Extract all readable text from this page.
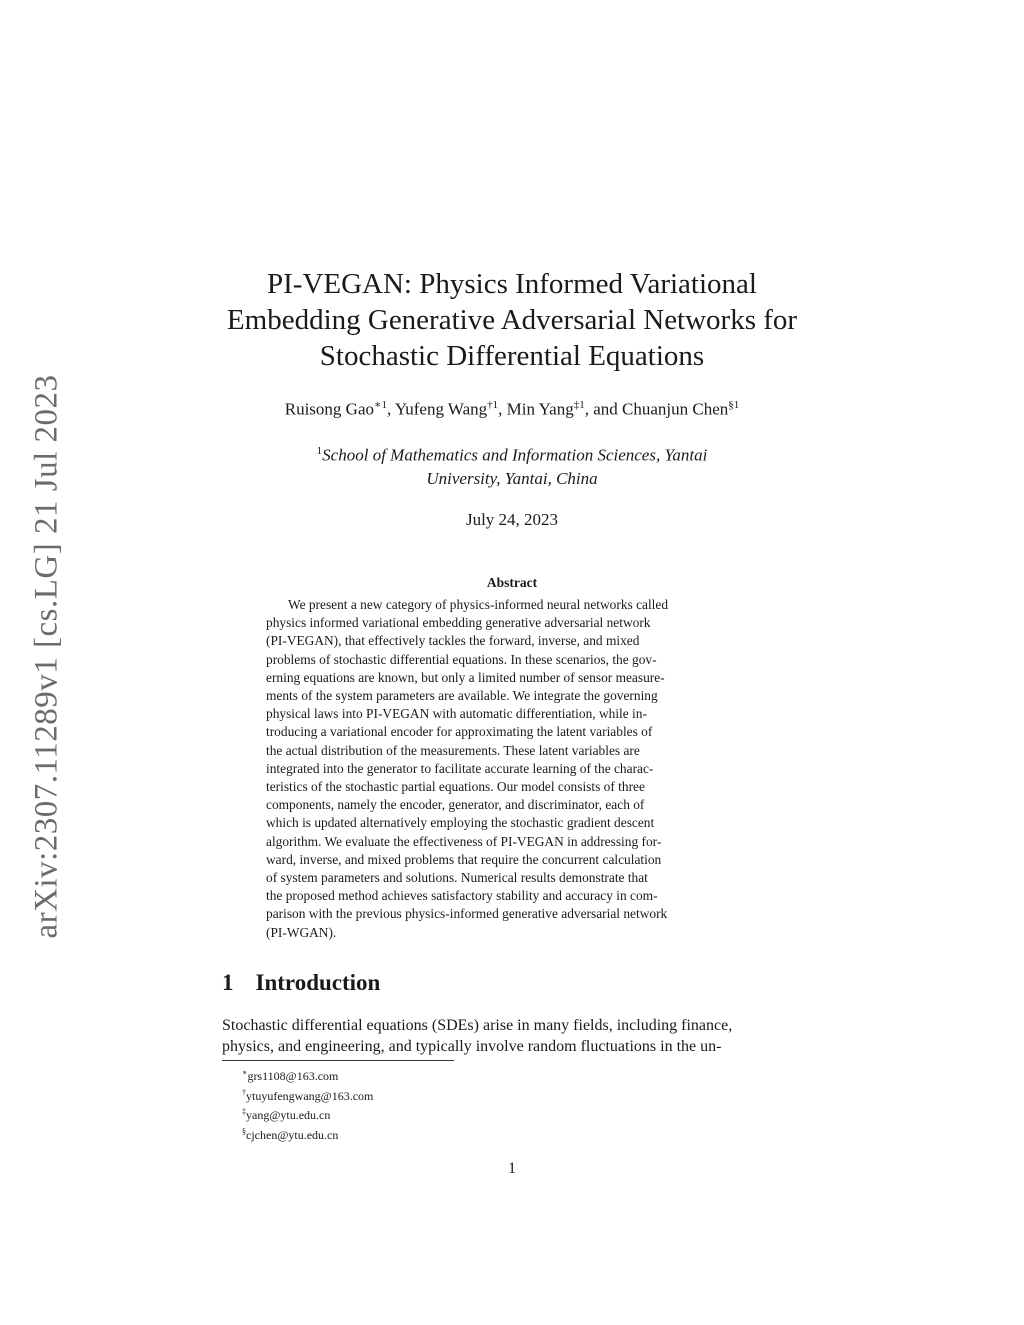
arXiv:2307.11289v1 [cs.LG] 21 Jul 2023
PI-VEGAN: Physics Informed Variational
Embedding Generative Adversarial Networks for
Stochastic Differential Equations

Ruisong Gao$^{∗1}$, Yufeng Wang$^{\dagger 1}$, Min Yang$^{\ddagger 1}$, and Chuanjun Chen$^{\S 1}$

$^1$School of Mathematics and Information Sciences, Yantai
University, Yantai, China

July 24, 2023

Abstract

We present a new category of physics-informed neural networks called
physics informed variational embedding generative adversarial network
(PI-VEGAN), that effectively tackles the forward, inverse, and mixed
problems of stochastic differential equations. In these scenarios, the gov-
erning equations are known, but only a limited number of sensor measure-
ments of the system parameters are available. We integrate the governing
physical laws into PI-VEGAN with automatic differentiation, while in-
troducing a variational encoder for approximating the latent variables of
the actual distribution of the measurements. These latent variables are
integrated into the generator to facilitate accurate learning of the charac-
teristics of the stochastic partial equations. Our model consists of three
components, namely the encoder, generator, and discriminator, each of
which is updated alternatively employing the stochastic gradient descent
algorithm. We evaluate the effectiveness of PI-VEGAN in addressing for-
ward, inverse, and mixed problems that require the concurrent calculation
of system parameters and solutions. Numerical results demonstrate that
the proposed method achieves satisfactory stability and accuracy in com-
parison with the previous physics-informed generative adversarial network
(PI-WGAN).

1 Introduction

Stochastic differential equations (SDEs) arise in many fields, including finance,
physics, and engineering, and typically involve random fluctuations in the un-

∗grs1108@163.com
†ytuyufengwang@163.com
‡yang@ytu.edu.cn
§cjchen@ytu.edu.cn

1
